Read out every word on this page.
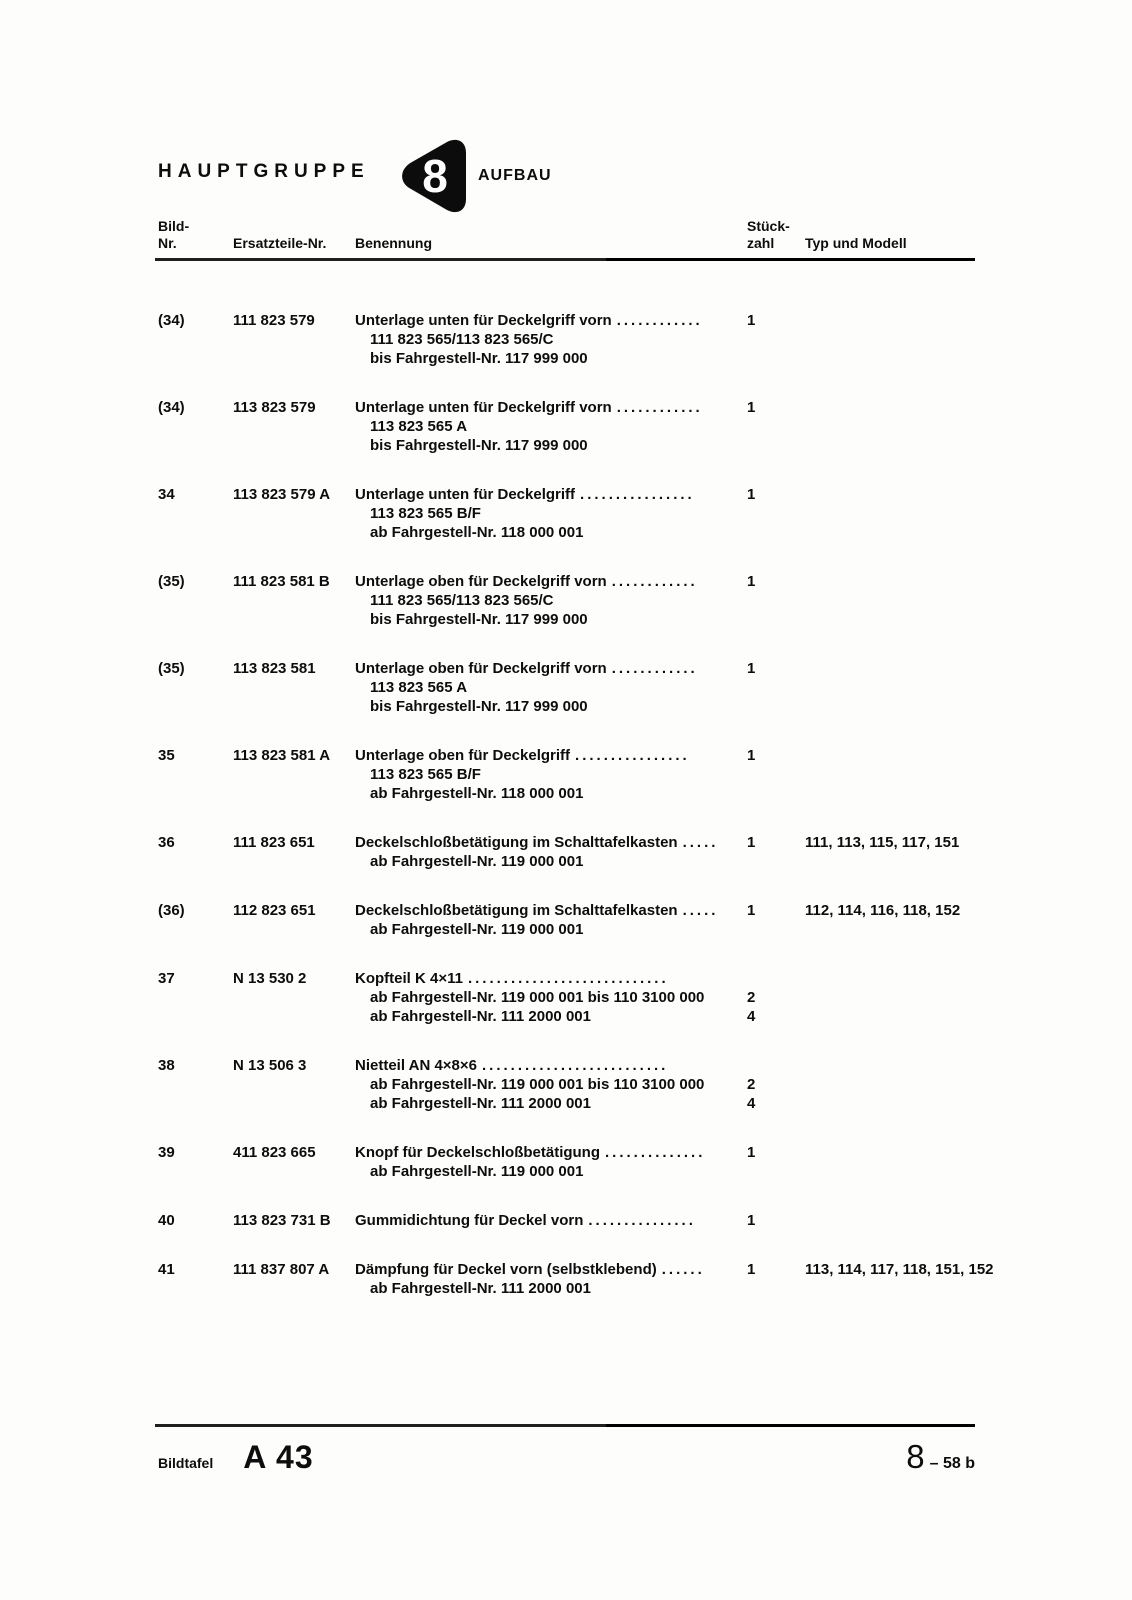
HAUPTGRUPPE 8 AUFBAU
Bild-
Nr.	Ersatzteile-Nr.	Benennung
Stück-
zahl	Typ und Modell
(34)	111 823 579	Unterlage unten für Deckelgriff vorn ............	1
111 823 565/113 823 565/C
bis Fahrgestell-Nr. 117 999 000
(34)	113 823 579	Unterlage unten für Deckelgriff vorn ............	1
113 823 565 A
bis Fahrgestell-Nr. 117 999 000
34	113 823 579 A	Unterlage unten für Deckelgriff ................	1
113 823 565 B/F
ab Fahrgestell-Nr. 118 000 001
(35)	111 823 581 B	Unterlage oben für Deckelgriff vorn ............	1
111 823 565/113 823 565/C
bis Fahrgestell-Nr. 117 999 000
(35)	113 823 581	Unterlage oben für Deckelgriff vorn ............	1
113 823 565 A
bis Fahrgestell-Nr. 117 999 000
35	113 823 581 A	Unterlage oben für Deckelgriff ................	1
113 823 565 B/F
ab Fahrgestell-Nr. 118 000 001
36	111 823 651	Deckelschloßbetätigung im Schalttafelkasten .....	1	111, 113, 115, 117, 151
ab Fahrgestell-Nr. 119 000 001
(36)	112 823 651	Deckelschloßbetätigung im Schalttafelkasten .....	1	112, 114, 116, 118, 152
ab Fahrgestell-Nr. 119 000 001
37	N 13 530 2	Kopfteil K 4×11 ............................
ab Fahrgestell-Nr. 119 000 001 bis 110 3100 000	2
ab Fahrgestell-Nr. 111 2000 001	4
38	N 13 506 3	Nietteil AN 4×8×6 ..........................
ab Fahrgestell-Nr. 119 000 001 bis 110 3100 000	2
ab Fahrgestell-Nr. 111 2000 001	4
39	411 823 665	Knopf für Deckelschloßbetätigung ..............	1
ab Fahrgestell-Nr. 119 000 001
40	113 823 731 B	Gummidichtung für Deckel vorn ...............	1
41	111 837 807 A	Dämpfung für Deckel vorn (selbstklebend) ......	1	113, 114, 117, 118, 151, 152
ab Fahrgestell-Nr. 111 2000 001
Bildtafel A 43	8 – 58 b
